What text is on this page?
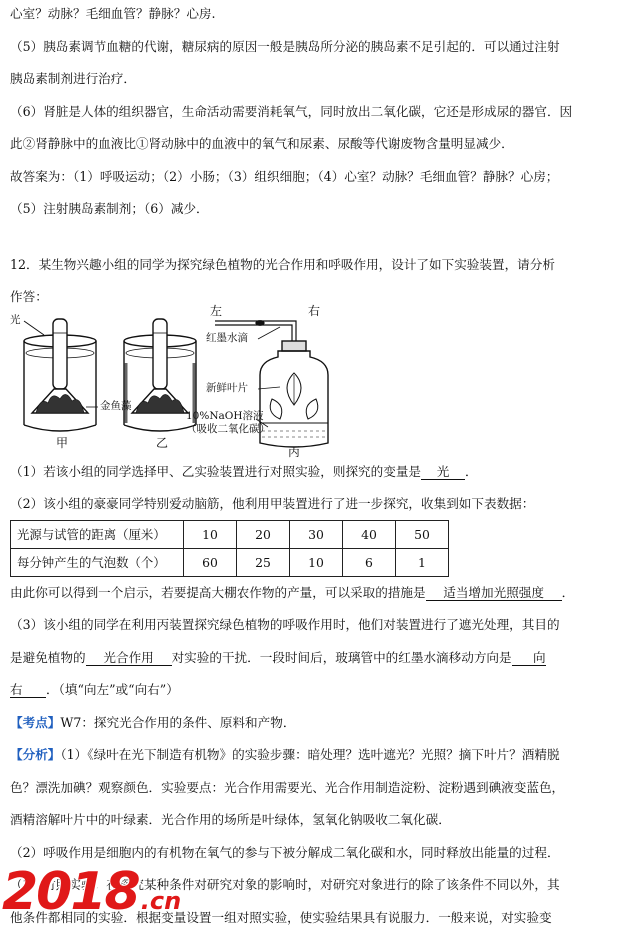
心室？动脉？毛细血管？静脉？心房.

（5）胰岛素调节血糖的代谢，糖尿病的原因一般是胰岛所分泌的胰岛素不足引起的．可以通过注射

胰岛素制剂进行治疗．

（6）肾脏是人体的组织器官，生命活动需要消耗氧气，同时放出二氧化碳，它还是形成尿的器官．因

此②肾静脉中的血液比①肾动脉中的血液中的氧气和尿素、尿酸等代谢废物含量明显减少．

故答案为：（1）呼吸运动；（2）小肠；（3）组织细胞；（4）心室？动脉？毛细血管？静脉？心房；

（5）注射胰岛素制剂；（6）减少．

12．某生物兴趣小组的同学为探究绿色植物的光合作用和呼吸作用，设计了如下实验装置，请分析

作答：

光
金鱼藻
甲	乙
左	右
红墨水滴
新鲜叶片
10%NaOH溶液
（吸收二氧化碳）
丙

（1）若该小组的同学选择甲、乙实验装置进行对照实验，则探究的变量是 光 ．

（2）该小组的豪豪同学特别爱动脑筋，他利用甲装置进行了进一步探究，收集到如下表数据：

光源与试管的距离（厘米）	10	20	30	40	50
每分钟产生的气泡数（个）	60	25	10	6	1

由此你可以得到一个启示，若要提高大棚农作物的产量，可以采取的措施是 适当增加光照强度 ．

（3）该小组的同学在利用丙装置探究绿色植物的呼吸作用时，他们对装置进行了遮光处理，其目的

是避免植物的 光合作用 对实验的干扰．一段时间后，玻璃管中的红墨水滴移动方向是 向

右 ．（填“向左”或“向右”）

【考点】W7：探究光合作用的条件、原料和产物．

【分析】（1）《绿叶在光下制造有机物》的实验步骤：暗处理？选叶遮光？光照？摘下叶片？酒精脱

色？漂洗加碘？观察颜色．实验要点：光合作用需要光、光合作用制造淀粉、淀粉遇到碘液变蓝色，

酒精溶解叶片中的叶绿素．光合作用的场所是叶绿体，氢氧化钠吸收二氧化碳．

（2）呼吸作用是细胞内的有机物在氧气的参与下被分解成二氧化碳和水，同时释放出能量的过程．

（3）对照实验：在探究某种条件对研究对象的影响时，对研究对象进行的除了该条件不同以外，其

他条件都相同的实验．根据变量设置一组对照实验，使实验结果具有说服力．一般来说，对实验变

2018.cn
